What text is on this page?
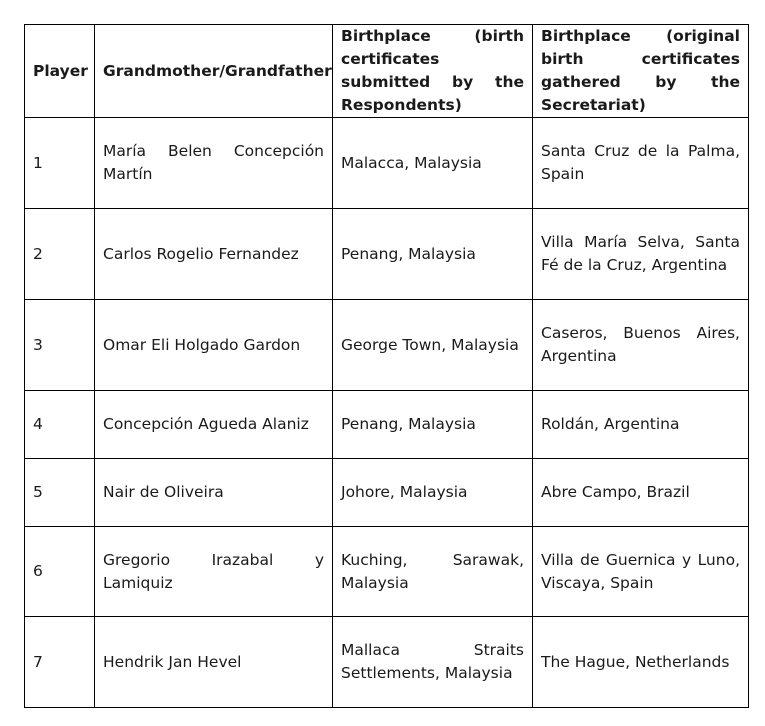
Player	Grandmother/Grandfather	Birthplace (birth certificates submitted by the Respondents)	Birthplace (original birth certificates gathered by the Secretariat)
1	María Belen Concepción Martín	Malacca, Malaysia	Santa Cruz de la Palma, Spain
2	Carlos Rogelio Fernandez	Penang, Malaysia	Villa María Selva, Santa Fé de la Cruz, Argentina
3	Omar Eli Holgado Gardon	George Town, Malaysia	Caseros, Buenos Aires, Argentina
4	Concepción Agueda Alaniz	Penang, Malaysia	Roldán, Argentina
5	Nair de Oliveira	Johore, Malaysia	Abre Campo, Brazil
6	Gregorio Irazabal y Lamiquiz	Kuching, Sarawak, Malaysia	Villa de Guernica y Luno, Viscaya, Spain
7	Hendrik Jan Hevel	Mallaca Straits Settlements, Malaysia	The Hague, Netherlands
